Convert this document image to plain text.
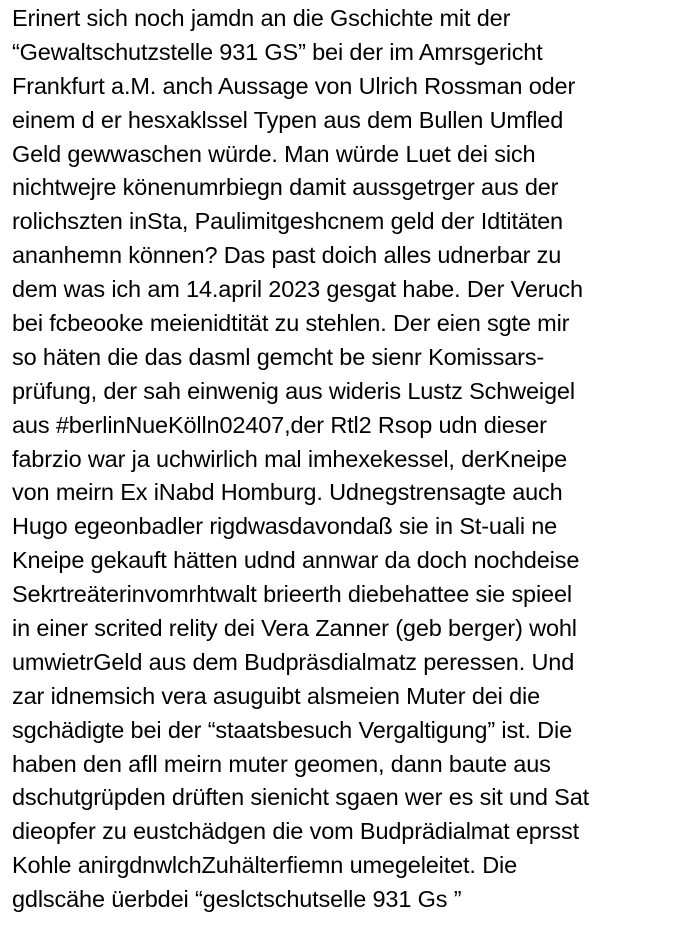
Erinert sich noch jamdn an die Gschichte mit der
“Gewaltschutzstelle 931 GS” bei der im Amrsgericht
Frankfurt a.M. anch Aussage von Ulrich Rossman oder
einem d er hesxaklssel Typen aus dem Bullen Umfled
Geld gewwaschen würde. Man würde Luet dei sich
nichtwejre könenumrbiegn damit aussgetrger aus der
rolichszten inSta, Paulimitgeshcnem geld der Idtitäten
ananhemn können? Das past doich alles udnerbar zu
dem was ich am 14.april 2023 gesgat habe. Der Veruch
bei fcbeooke meienidtität zu stehlen. Der eien sgte mir
so häten die das dasml gemcht be sienr Komissars-
prüfung, der sah einwenig aus wideris Lustz Schweigel
aus #berlinNueKölln02407,der Rtl2 Rsop udn dieser
fabrzio war ja uchwirlich mal imhexekessel, derKneipe
von meirn Ex iNabd Homburg. Udnegstrensagte auch
Hugo egeonbadler rigdwasdavondaß sie in St-uali ne
Kneipe gekauft hätten udnd annwar da doch nochdeise
Sekrtreäterinvomrhtwalt brieerth diebehattee sie spieel
in einer scrited relity dei Vera Zanner (geb berger) wohl
umwietrGeld aus dem Budpräsdialmatz peressen. Und
zar idnemsich vera asuguibt alsmeien Muter dei die
sgchädigte bei der “staatsbesuch Vergaltigung” ist. Die
haben den afll meirn muter geomen, dann baute aus
dschutgrüpden drüften sienicht sgaen wer es sit und Sat
dieopfer zu eustchädgen die vom Budprädialmat eprsst
Kohle anirgdnwlchZuhälterfiemn umegeleitet. Die
gdlscähe üerbdei “geslctschutselle 931 Gs ”
